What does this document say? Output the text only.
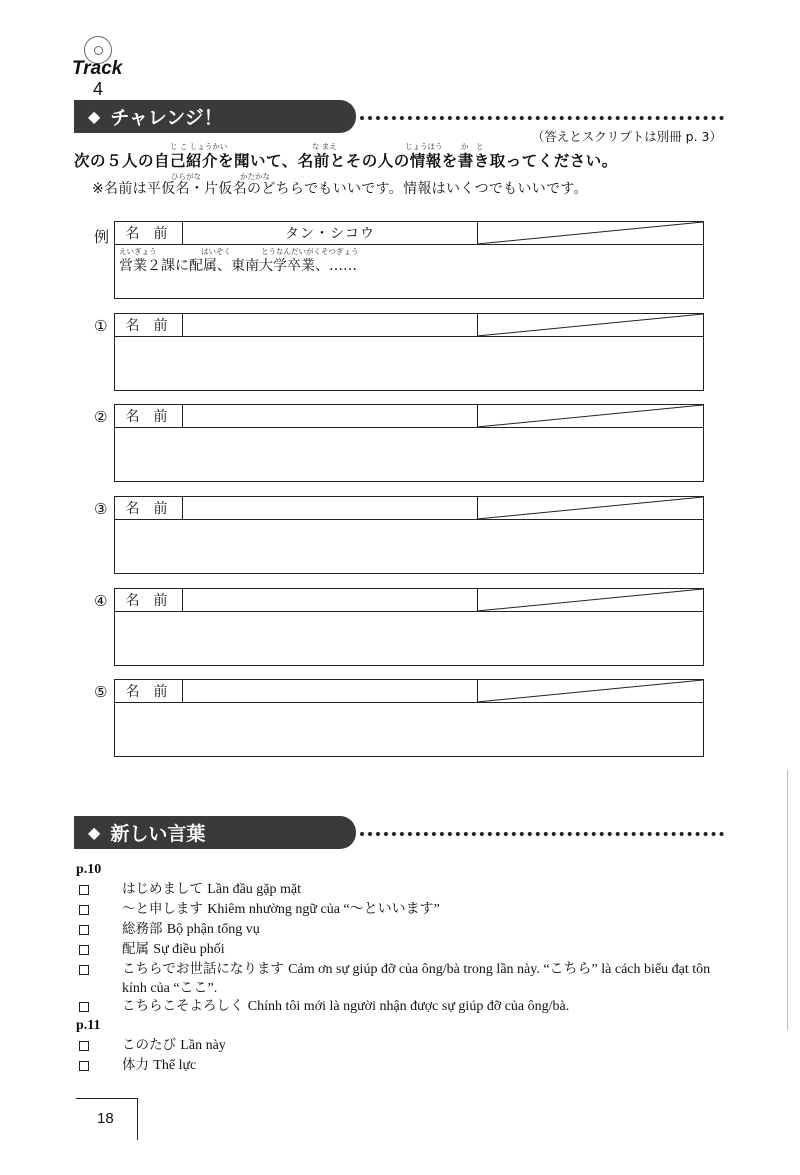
Track
4
◆ チャレンジ！
（答えとスクリプトは別冊 p. 3）
じ こ しょうかい	な まえ	じょうほう か　と
次の５人の自己紹介を聞いて、名前とその人の情報を書き取ってください。
ひらがな	かたかな
※名前は平仮名・片仮名のどちらでもいいです。情報はいくつでもいいです。
例	名前	タン・シコウ
えいぎょう	はいぞく	とうなんだいがくそつぎょう
営業２課に配属、東南大学卒業、……
①	名前
②	名前
③	名前
④	名前
⑤	名前
◆ 新しい言葉
p.10
はじめまして Lần đầu gặp mặt
～と申します Khiêm nhường ngữ của “～といいます”
総務部 Bộ phận tổng vụ
配属 Sự điều phối
こちらでお世話になります Cảm ơn sự giúp đỡ của ông/bà trong lần này. “こちら” là cách biểu đạt tôn kính của “ここ”.
こちらこそよろしく Chính tôi mới là người nhận được sự giúp đỡ của ông/bà.
p.11
このたび Lần này
体力 Thể lực
18
